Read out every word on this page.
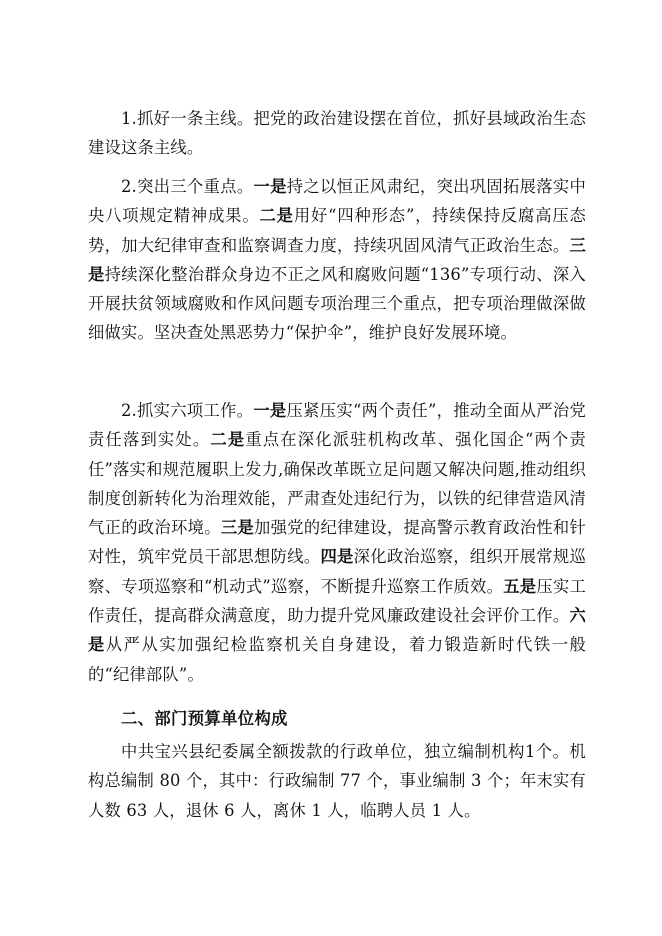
1.抓好一条主线。把党的政治建设摆在首位，抓好县域政治生态建设这条主线。

2.突出三个重点。一是持之以恒正风肃纪，突出巩固拓展落实中央八项规定精神成果。二是用好“四种形态”，持续保持反腐高压态势，加大纪律审查和监察调查力度，持续巩固风清气正政治生态。三是持续深化整治群众身边不正之风和腐败问题“136”专项行动、深入开展扶贫领域腐败和作风问题专项治理三个重点，把专项治理做深做细做实。坚决查处黑恶势力“保护伞”，维护良好发展环境。

2.抓实六项工作。一是压紧压实“两个责任”，推动全面从严治党责任落到实处。二是重点在深化派驻机构改革、强化国企“两个责任”落实和规范履职上发力,确保改革既立足问题又解决问题,推动组织制度创新转化为治理效能，严肃查处违纪行为，以铁的纪律营造风清气正的政治环境。三是加强党的纪律建设，提高警示教育政治性和针对性，筑牢党员干部思想防线。四是深化政治巡察，组织开展常规巡察、专项巡察和“机动式”巡察，不断提升巡察工作质效。五是压实工作责任，提高群众满意度，助力提升党风廉政建设社会评价工作。六是从严从实加强纪检监察机关自身建设，着力锻造新时代铁一般的“纪律部队”。

二、部门预算单位构成

中共宝兴县纪委属全额拨款的行政单位，独立编制机构1个。机构总编制 80 个，其中：行政编制 77 个，事业编制 3 个；年末实有人数 63 人，退休 6 人，离休 1 人，临聘人员 1 人。
